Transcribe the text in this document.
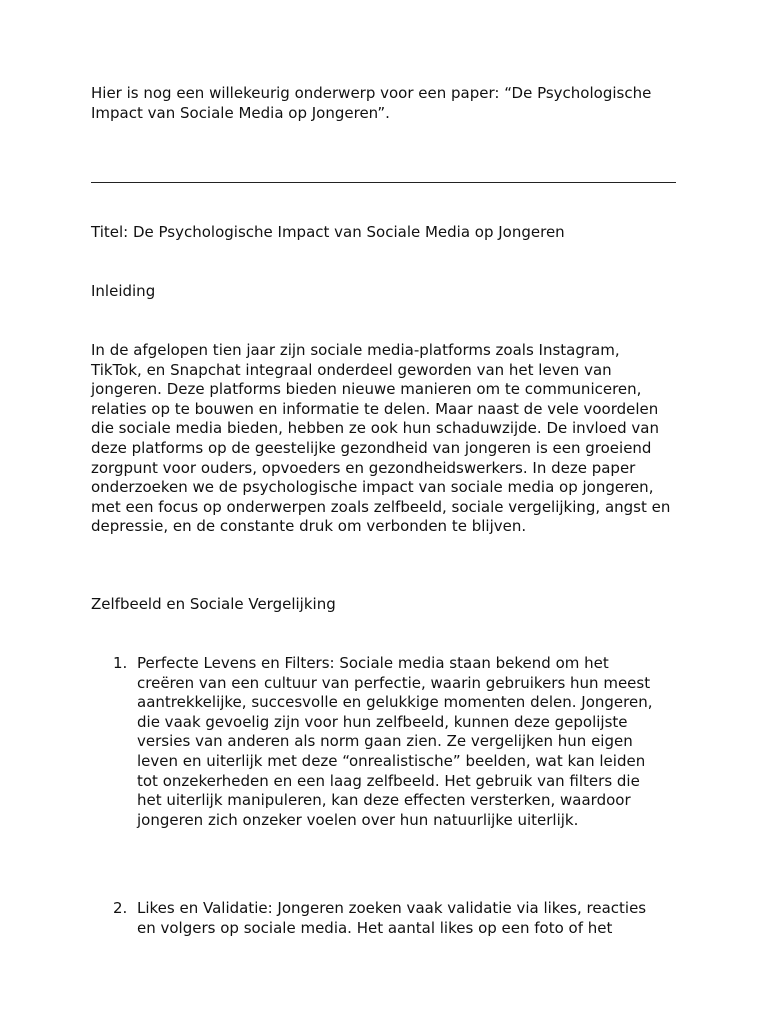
Hier is nog een willekeurig onderwerp voor een paper: “De Psychologische Impact van Sociale Media op Jongeren”.

Titel: De Psychologische Impact van Sociale Media op Jongeren

Inleiding

In de afgelopen tien jaar zijn sociale media-platforms zoals Instagram, TikTok, en Snapchat integraal onderdeel geworden van het leven van jongeren. Deze platforms bieden nieuwe manieren om te communiceren, relaties op te bouwen en informatie te delen. Maar naast de vele voordelen die sociale media bieden, hebben ze ook hun schaduwzijde. De invloed van deze platforms op de geestelijke gezondheid van jongeren is een groeiend zorgpunt voor ouders, opvoeders en gezondheidswerkers. In deze paper onderzoeken we de psychologische impact van sociale media op jongeren, met een focus op onderwerpen zoals zelfbeeld, sociale vergelijking, angst en depressie, en de constante druk om verbonden te blijven.

Zelfbeeld en Sociale Vergelijking

1. Perfecte Levens en Filters: Sociale media staan bekend om het creëren van een cultuur van perfectie, waarin gebruikers hun meest aantrekkelijke, succesvolle en gelukkige momenten delen. Jongeren, die vaak gevoelig zijn voor hun zelfbeeld, kunnen deze gepolijste versies van anderen als norm gaan zien. Ze vergelijken hun eigen leven en uiterlijk met deze “onrealistische” beelden, wat kan leiden tot onzekerheden en een laag zelfbeeld. Het gebruik van filters die het uiterlijk manipuleren, kan deze effecten versterken, waardoor jongeren zich onzeker voelen over hun natuurlijke uiterlijk.

2. Likes en Validatie: Jongeren zoeken vaak validatie via likes, reacties en volgers op sociale media. Het aantal likes op een foto of het
